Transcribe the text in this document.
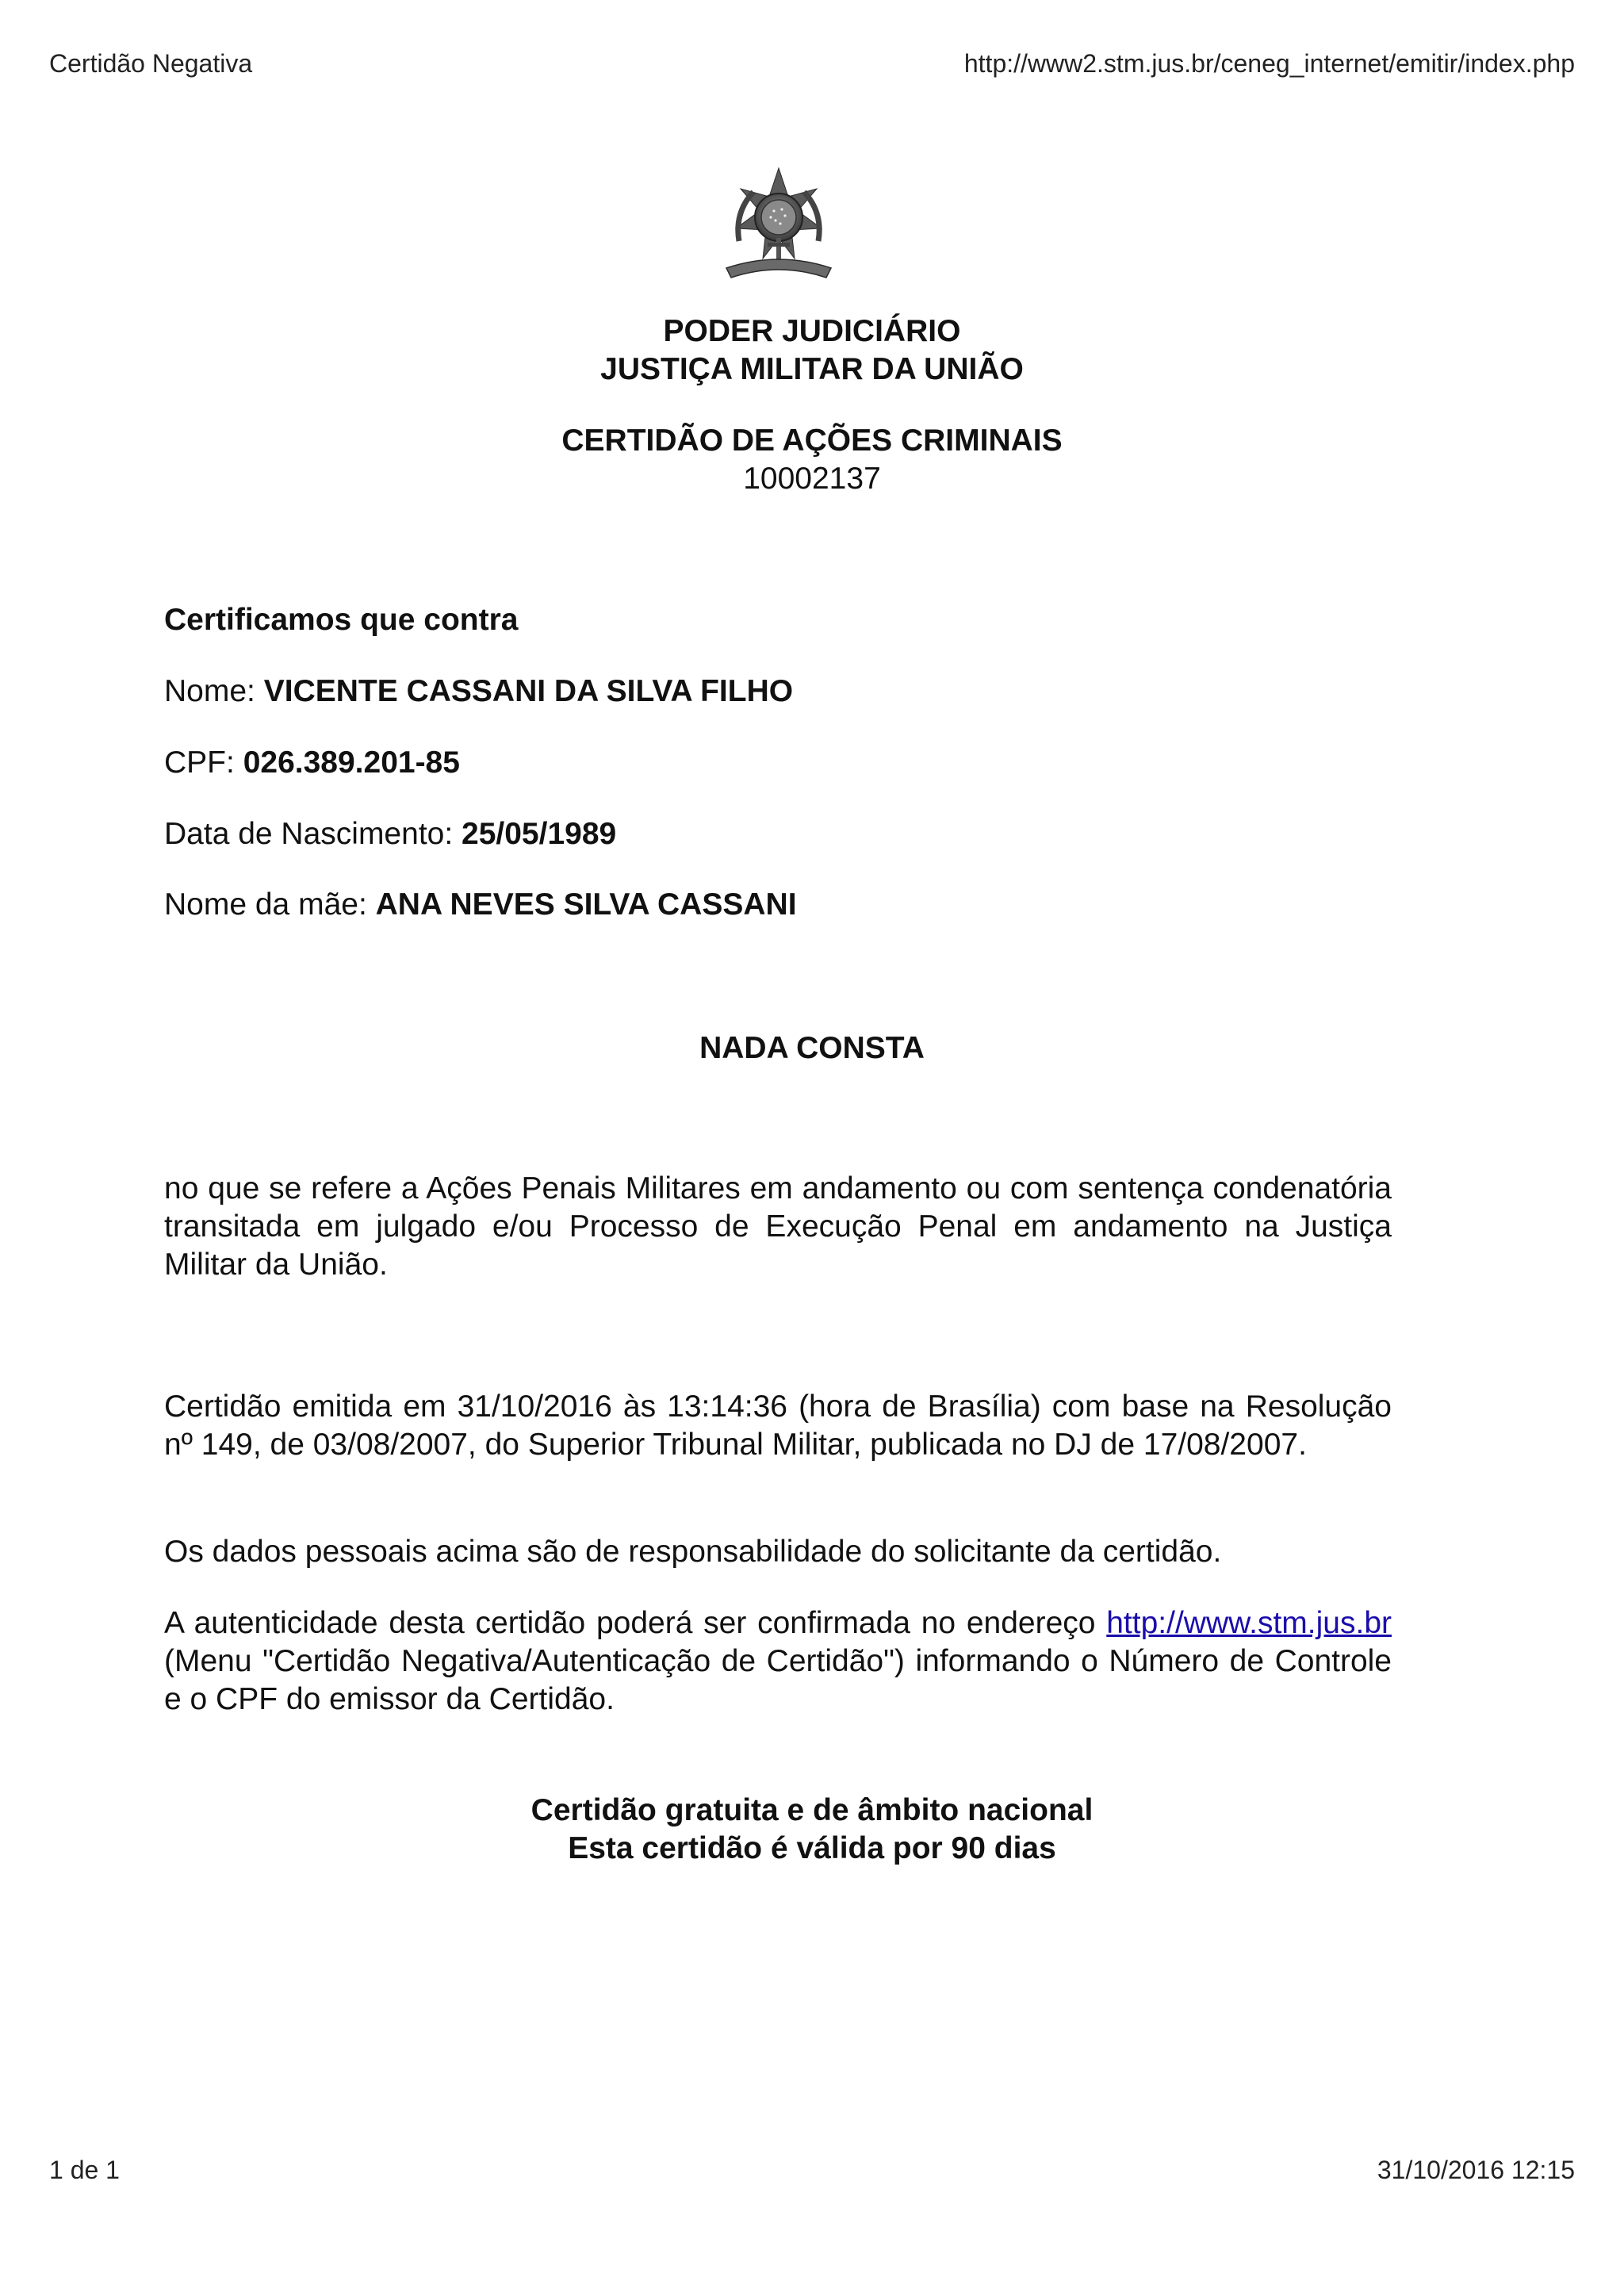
Certidão Negativa	http://www2.stm.jus.br/ceneg_internet/emitir/index.php
PODER JUDICIÁRIO
JUSTIÇA MILITAR DA UNIÃO
CERTIDÃO DE AÇÕES CRIMINAIS
10002137
Certificamos que contra
Nome: VICENTE CASSANI DA SILVA FILHO
CPF: 026.389.201-85
Data de Nascimento: 25/05/1989
Nome da mãe: ANA NEVES SILVA CASSANI
NADA CONSTA

no que se refere a Ações Penais Militares em andamento ou com sentença condenatória transitada em julgado e/ou Processo de Execução Penal em andamento na Justiça Militar da União.

Certidão emitida em 31/10/2016 às 13:14:36 (hora de Brasília) com base na Resolução nº 149, de 03/08/2007, do Superior Tribunal Militar, publicada no DJ de 17/08/2007.

Os dados pessoais acima são de responsabilidade do solicitante da certidão.

A autenticidade desta certidão poderá ser confirmada no endereço http://www.stm.jus.br (Menu "Certidão Negativa/Autenticação de Certidão") informando o Número de Controle e o CPF do emissor da Certidão.

Certidão gratuita e de âmbito nacional
Esta certidão é válida por 90 dias
1 de 1	31/10/2016 12:15
